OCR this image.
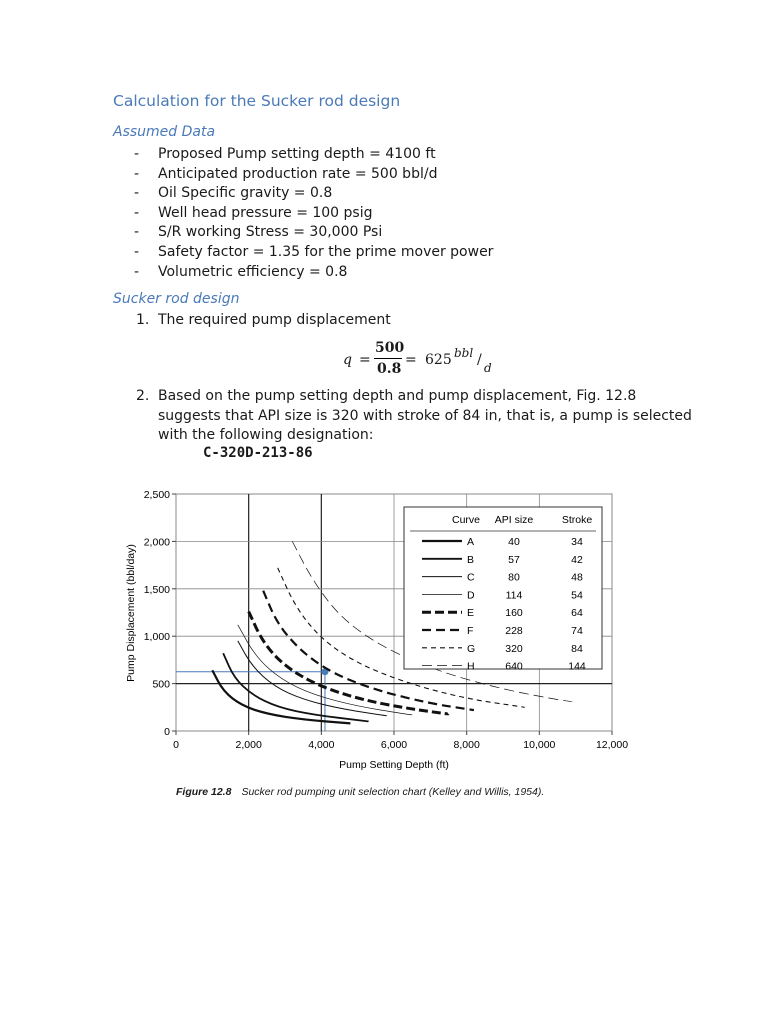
Calculation for the Sucker rod design
Assumed Data
- Proposed Pump setting depth = 4100 ft
- Anticipated production rate = 500 bbl/d
- Oil Specific gravity = 0.8
- Well head pressure = 100 psig
- S/R working Stress = 30,000 Psi
- Safety factor = 1.35 for the prime mover power
- Volumetric efficiency = 0.8
Sucker rod design
1. The required pump displacement
q =
500
0.8
= 625 bbl / d
2. Based on the pump setting depth and pump displacement, Fig. 12.8
suggests that API size is 320 with stroke of 84 in, that is, a pump is selected
with the following designation:
C-320D-213-86
0	2,000	4,000	6,000	8,000	10,000	12,000
0
500
1,000
1,500
2,000
2,500
Curve API size	Stroke
A	40	34
B	57	42
C	80	48
D	114	54
E	160	64
F	228	74
G	320	84
H	640	144
Pump Setting Depth (ft)
Pump Displacement (bbl/day)
Figure 12.8 Sucker rod pumping unit selection chart (Kelley and Willis, 1954).
